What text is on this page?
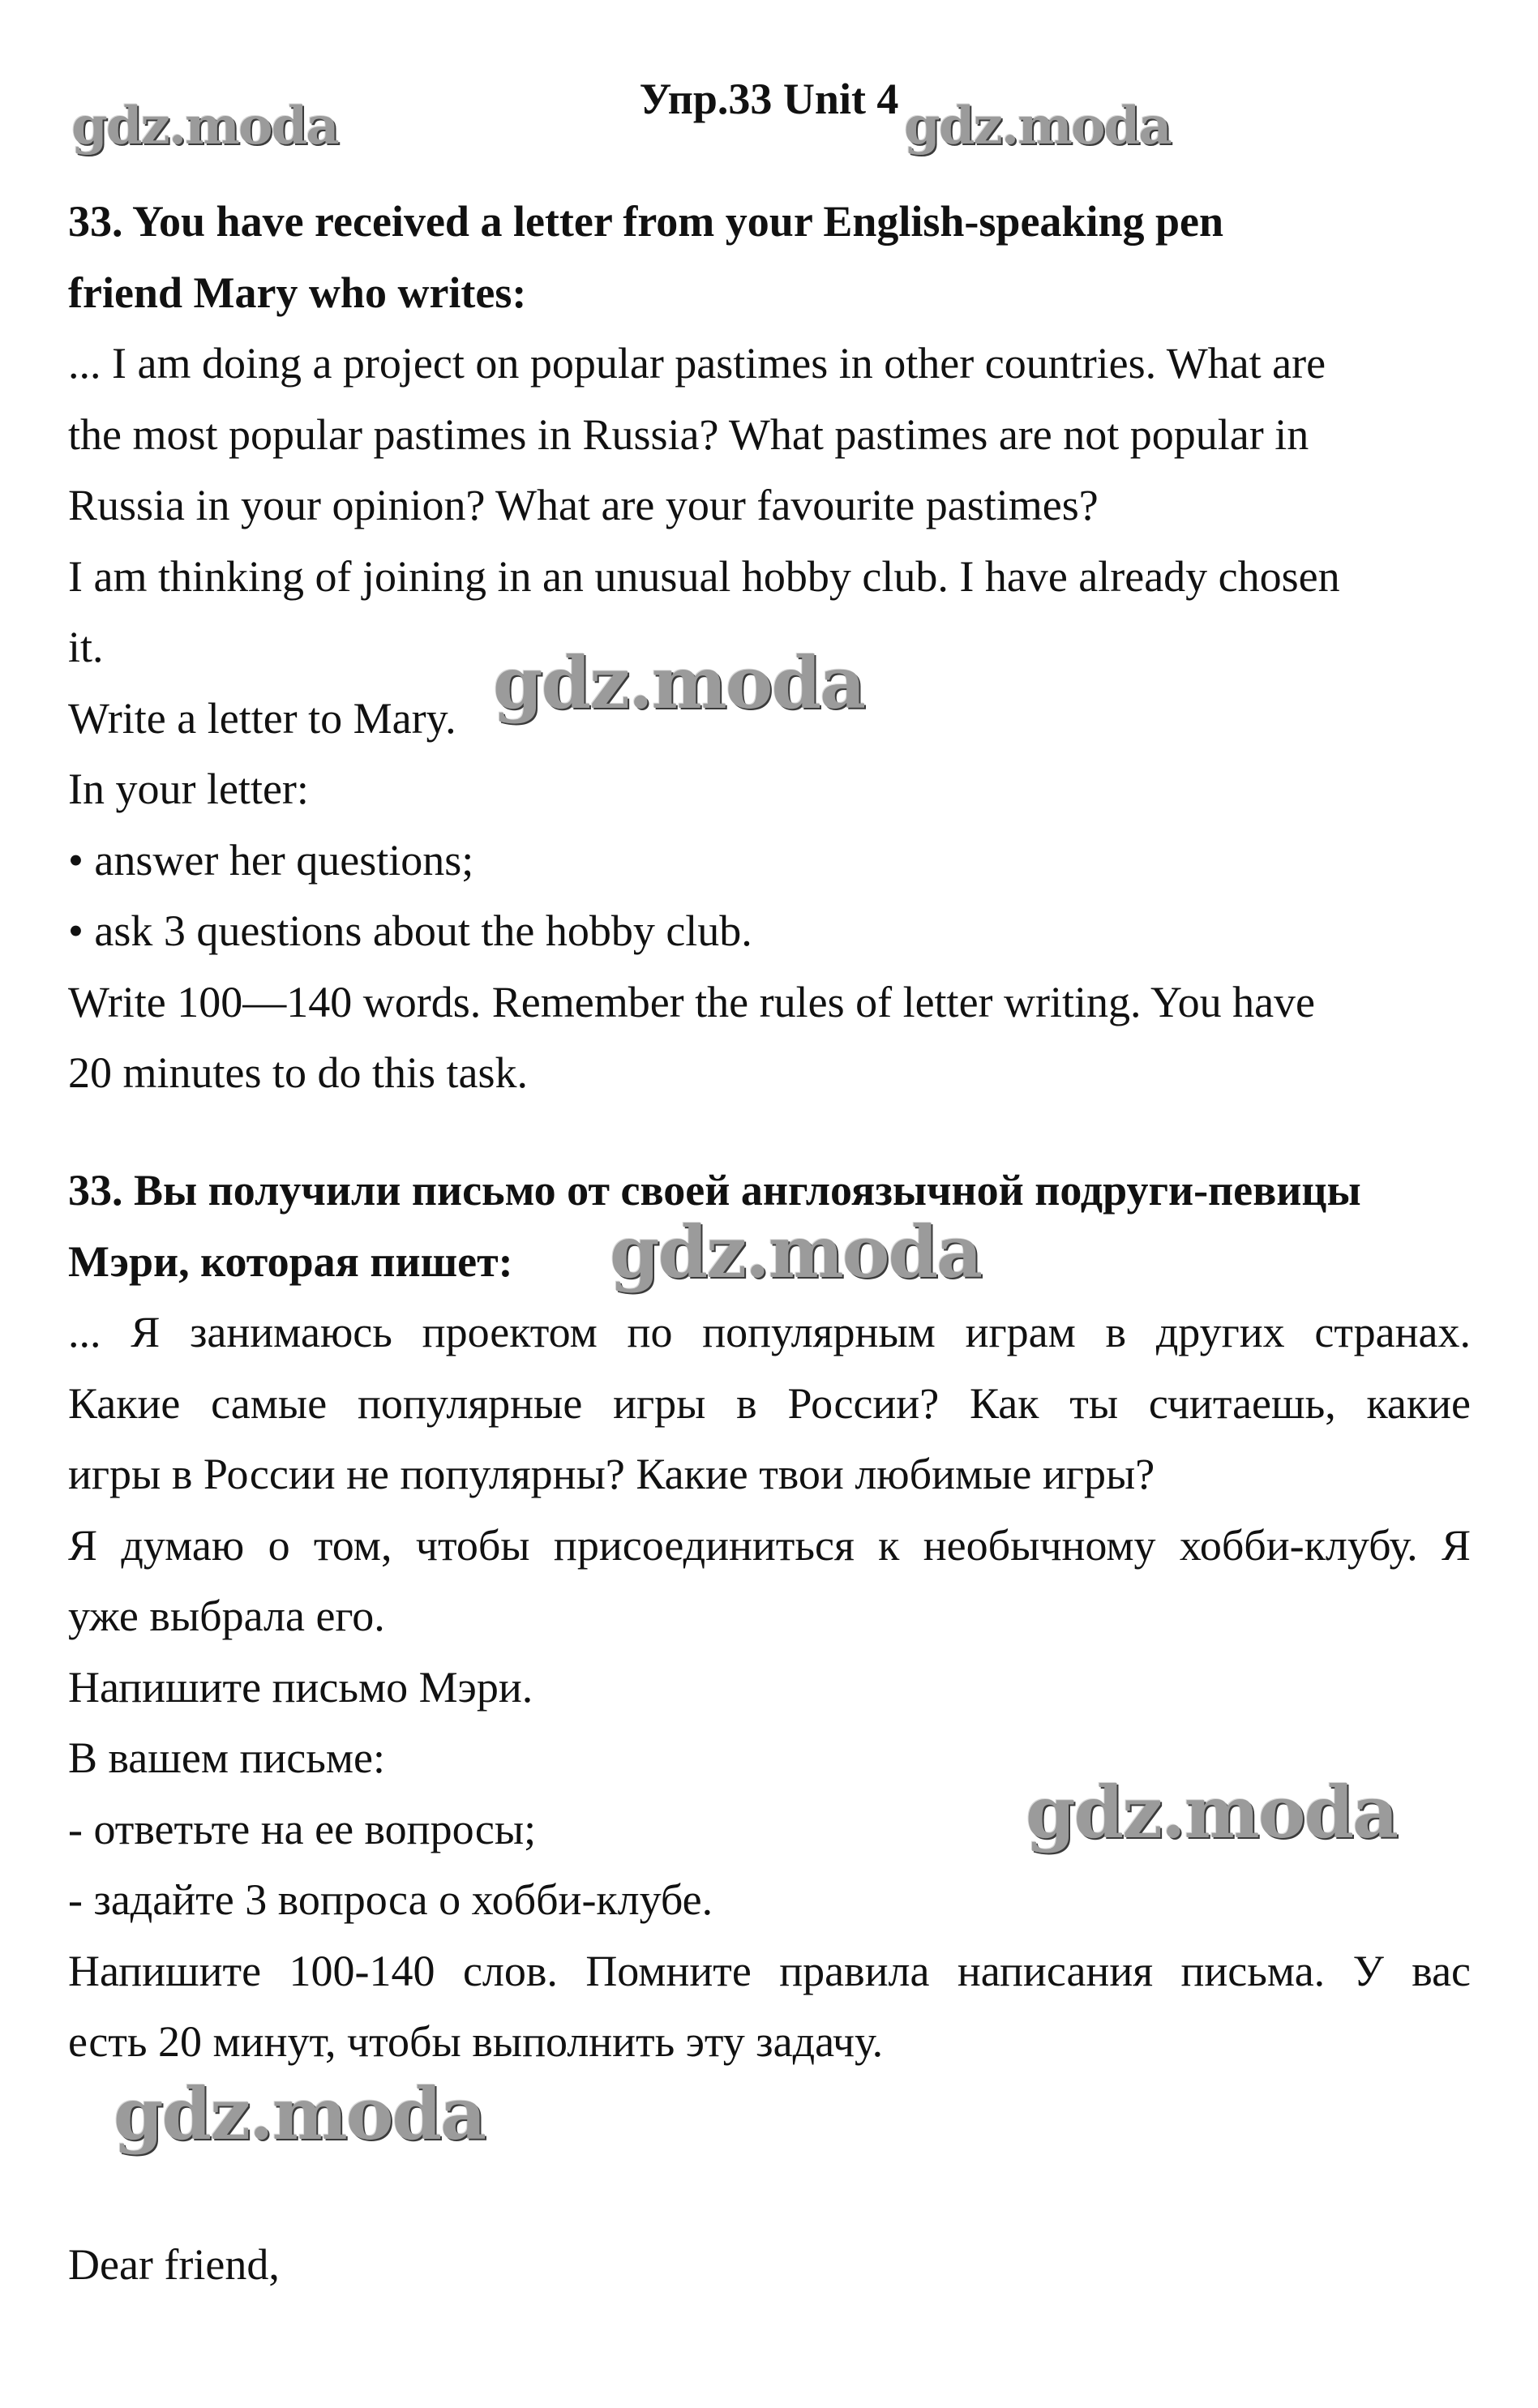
Упр.33 Unit 4

33. You have received a letter from your English-speaking pen

friend Mary who writes:

... I am doing a project on popular pastimes in other countries. What are

the most popular pastimes in Russia? What pastimes are not popular in

Russia in your opinion? What are your favourite pastimes?

I am thinking of joining in an unusual hobby club. I have already chosen

it.

Write a letter to Mary.

In your letter:

• answer her questions;

• ask 3 questions about the hobby club.

Write 100—140 words. Remember the rules of letter writing. You have

20 minutes to do this task.

33. Вы получили письмо от своей англоязычной подруги-певицы

Мэри, которая пишет:

... Я занимаюсь проектом по популярным играм в других странах.

Какие самые популярные игры в России? Как ты считаешь, какие

игры в России не популярны? Какие твои любимые игры?

Я думаю о том, чтобы присоединиться к необычному хобби-клубу. Я

уже выбрала его.

Напишите письмо Мэри.

В вашем письме:

- ответьте на ее вопросы;

- задайте 3 вопроса о хобби-клубе.

Напишите 100-140 слов. Помните правила написания письма. У вас

есть 20 минут, чтобы выполнить эту задачу.

Dear friend,

gdz.moda	gdz.moda
gdz.moda
gdz.moda
gdz.moda
gdz.moda
